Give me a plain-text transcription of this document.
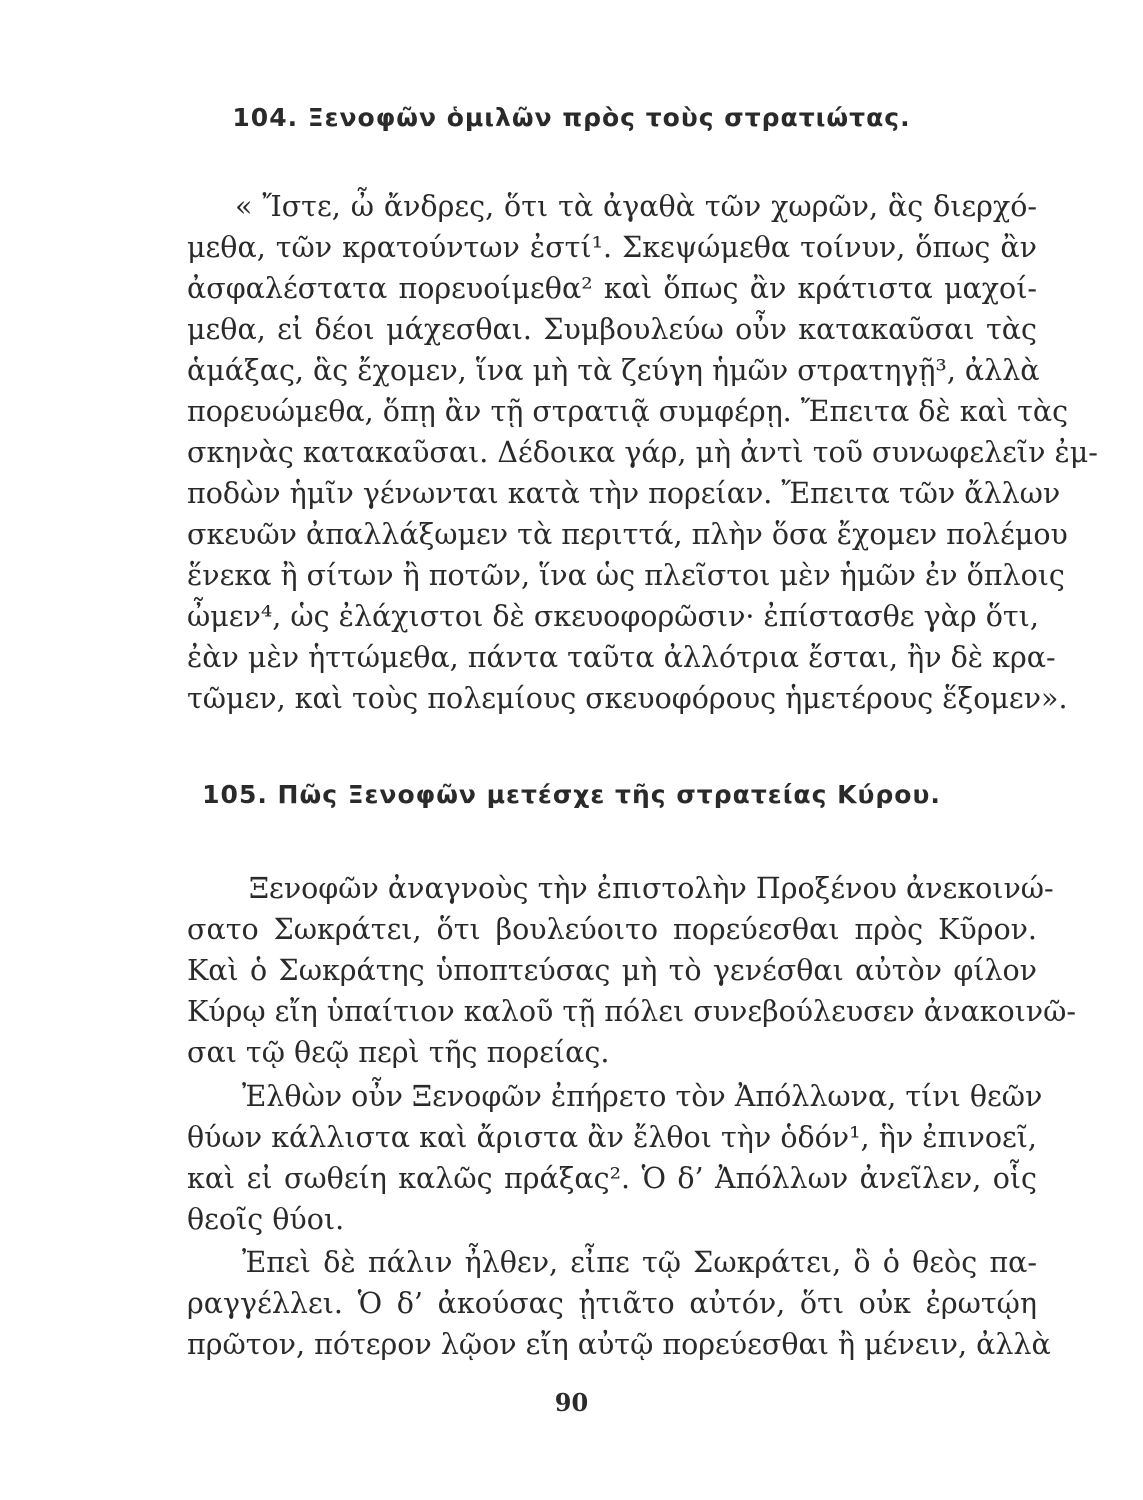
104. Ξενοφῶν ὁμιλῶν πρὸς τοὺς στρατιώτας.
« Ἴστε, ὦ ἄνδρες, ὅτι τὰ ἀγαθὰ τῶν χωρῶν, ἃς διερχό-
μεθα, τῶν κρατούντων ἐστί¹. Σκεψώμεθα τοίνυν, ὅπως ἂν
ἀσφαλέστατα πορευοίμεθα² καὶ ὅπως ἂν κράτιστα μαχοί-
μεθα, εἰ δέοι μάχεσθαι. Συμβουλεύω οὖν κατακαῦσαι τὰς
ἁμάξας, ἃς ἔχομεν, ἵνα μὴ τὰ ζεύγη ἡμῶν στρατηγῇ³, ἀλλὰ
πορευώμεθα, ὅπῃ ἂν τῇ στρατιᾷ συμφέρῃ. Ἔπειτα δὲ καὶ τὰς
σκηνὰς κατακαῦσαι. Δέδοικα γάρ, μὴ ἀντὶ τοῦ συνωφελεῖν ἐμ-
ποδὼν ἡμῖν γένωνται κατὰ τὴν πορείαν. Ἔπειτα τῶν ἄλλων
σκευῶν ἀπαλλάξωμεν τὰ περιττά, πλὴν ὅσα ἔχομεν πολέμου
ἕνεκα ἢ σίτων ἢ ποτῶν, ἵνα ὡς πλεῖστοι μὲν ἡμῶν ἐν ὅπλοις
ὦμεν⁴, ὡς ἐλάχιστοι δὲ σκευοφορῶσιν· ἐπίστασθε γὰρ ὅτι,
ἐὰν μὲν ἡττώμεθα, πάντα ταῦτα ἀλλότρια ἔσται, ἢν δὲ κρα-
τῶμεν, καὶ τοὺς πολεμίους σκευοφόρους ἡμετέρους ἕξομεν».
105. Πῶς Ξενοφῶν μετέσχε τῆς στρατείας Κύρου.
Ξενοφῶν ἀναγνοὺς τὴν ἐπιστολὴν Προξένου ἀνεκοινώ-
σατο Σωκράτει, ὅτι βουλεύοιτο πορεύεσθαι πρὸς Κῦρον.
Καὶ ὁ Σωκράτης ὑποπτεύσας μὴ τὸ γενέσθαι αὐτὸν φίλον
Κύρῳ εἴη ὑπαίτιον καλοῦ τῇ πόλει συνεβούλευσεν ἀνακοινῶ-
σαι τῷ θεῷ περὶ τῆς πορείας.
Ἐλθὼν οὖν Ξενοφῶν ἐπήρετο τὸν Ἀπόλλωνα, τίνι θεῶν
θύων κάλλιστα καὶ ἄριστα ἂν ἔλθοι τὴν ὁδόν¹, ἣν ἐπινοεῖ,
καὶ εἰ σωθείη καλῶς πράξας². Ὁ δ’ Ἀπόλλων ἀνεῖλεν, οἷς
θεοῖς θύοι.
Ἐπεὶ δὲ πάλιν ἦλθεν, εἶπε τῷ Σωκράτει, ὃ ὁ θεὸς πα-
ραγγέλλει. Ὁ δ’ ἀκούσας ᾐτιᾶτο αὐτόν, ὅτι οὐκ ἐρωτῴη
πρῶτον, πότερον λῷον εἴη αὐτῷ πορεύεσθαι ἢ μένειν, ἀλλὰ
90
